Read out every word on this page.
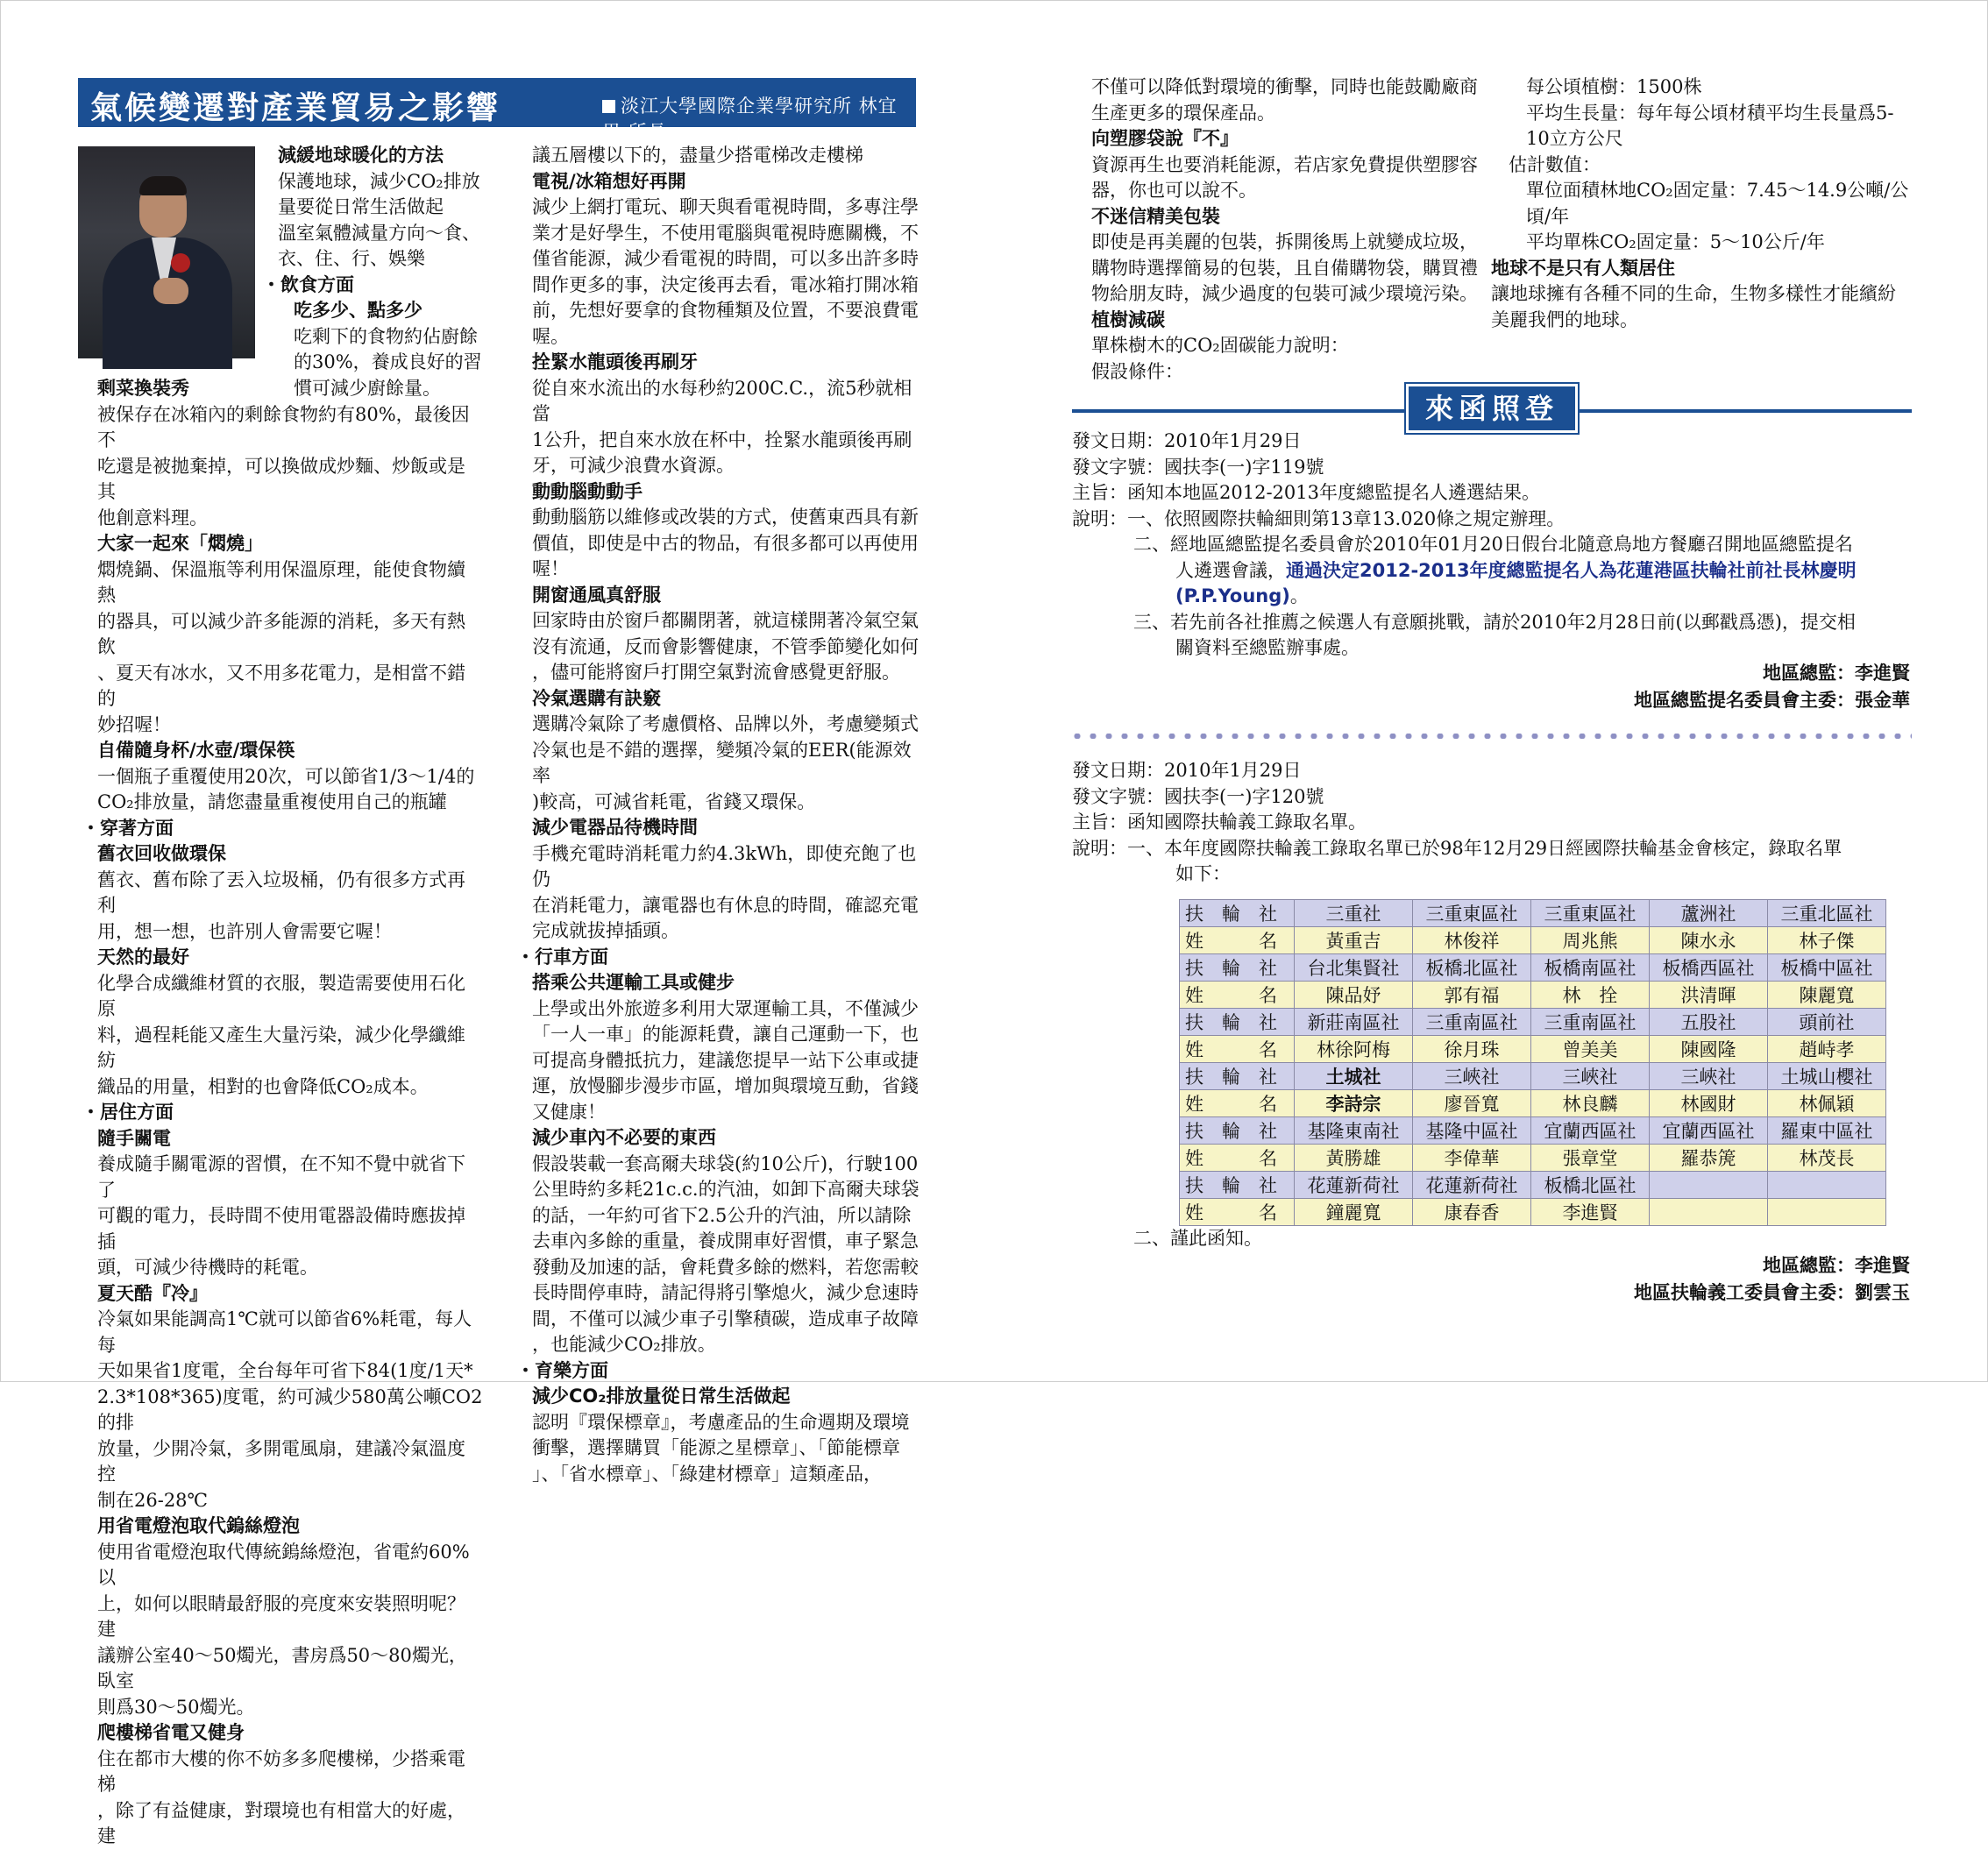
氣候變遷對產業貿易之影響	淡江大學國際企業學研究所 林宜男 所長
減緩地球暖化的方法
保護地球，減少CO₂排放
量要從日常生活做起
溫室氣體減量方向～食、
衣、住、行、娛樂
・飲食方面
吃多少、點多少
吃剩下的食物約佔廚餘
的30%，養成良好的習
慣可減少廚餘量。
剩菜換裝秀
被保存在冰箱內的剩餘食物約有80%，最後因不
吃還是被拋棄掉，可以換做成炒麵、炒飯或是其
他創意料理。
大家一起來「燜燒」
燜燒鍋、保溫瓶等利用保溫原理，能使食物續熱
的器具，可以減少許多能源的消耗，多天有熱飲
、夏天有冰水，又不用多花電力，是相當不錯的
妙招喔！
自備隨身杯/水壺/環保筷
一個瓶子重覆使用20次，可以節省1/3～1/4的
CO₂排放量，請您盡量重複使用自己的瓶罐
・穿著方面
舊衣回收做環保
舊衣、舊布除了丟入垃圾桶，仍有很多方式再利
用，想一想，也許別人會需要它喔！
天然的最好
化學合成纖維材質的衣服，製造需要使用石化原
料，過程耗能又產生大量污染，減少化學纖維紡
織品的用量，相對的也會降低CO₂成本。
・居住方面
隨手關電
養成隨手關電源的習慣，在不知不覺中就省下了
可觀的電力，長時間不使用電器設備時應拔掉插
頭，可減少待機時的耗電。
夏天酷『冷』
冷氣如果能調高1℃就可以節省6%耗電，每人每
天如果省1度電，全台每年可省下84(1度/1天*
2.3*108*365)度電，約可減少580萬公噸CO2的排
放量，少開冷氣，多開電風扇，建議冷氣溫度控
制在26-28℃
用省電燈泡取代鎢絲燈泡
使用省電燈泡取代傳統鎢絲燈泡，省電約60%以
上，如何以眼睛最舒服的亮度來安裝照明呢？建
議辦公室40～50燭光，書房爲50～80燭光，臥室
則爲30～50燭光。
爬樓梯省電又健身
住在都市大樓的你不妨多多爬樓梯，少搭乘電梯
，除了有益健康，對環境也有相當大的好處，建
議五層樓以下的，盡量少搭電梯改走樓梯
電視/冰箱想好再開
減少上網打電玩、聊天與看電視時間，多專注學
業才是好學生，不使用電腦與電視時應關機，不
僅省能源，減少看電視的時間，可以多出許多時
間作更多的事，決定後再去看，電冰箱打開冰箱
前，先想好要拿的食物種類及位置，不要浪費電
喔。
拴緊水龍頭後再刷牙
從自來水流出的水每秒約200C.C.，流5秒就相當
1公升，把自來水放在杯中，拴緊水龍頭後再刷
牙，可減少浪費水資源。
動動腦動動手
動動腦筋以維修或改裝的方式，使舊東西具有新
價值，即使是中古的物品，有很多都可以再使用
喔！
開窗通風真舒服
回家時由於窗戶都關閉著，就這樣開著冷氣空氣
沒有流通，反而會影響健康，不管季節變化如何
，儘可能將窗戶打開空氣對流會感覺更舒服。
冷氣選購有訣竅
選購冷氣除了考慮價格、品牌以外，考慮變頻式
冷氣也是不錯的選擇，變頻冷氣的EER(能源效率
)較高，可減省耗電，省錢又環保。
減少電器品待機時間
手機充電時消耗電力約4.3kWh，即使充飽了也仍
在消耗電力，讓電器也有休息的時間，確認充電
完成就拔掉插頭。
・行車方面
搭乘公共運輸工具或健步
上學或出外旅遊多利用大眾運輸工具，不僅減少
「一人一車」的能源耗費，讓自己運動一下，也
可提高身體抵抗力，建議您提早一站下公車或捷
運，放慢腳步漫步市區，增加與環境互動，省錢
又健康！
減少車內不必要的東西
假設裝載一套高爾夫球袋(約10公斤)，行駛100
公里時約多耗21c.c.的汽油，如卸下高爾夫球袋
的話，一年約可省下2.5公升的汽油，所以請除
去車內多餘的重量，養成開車好習慣，車子緊急
發動及加速的話，會耗費多餘的燃料，若您需較
長時間停車時，請記得將引擎熄火，減少怠速時
間，不僅可以減少車子引擎積碳，造成車子故障
，也能減少CO₂排放。
・育樂方面
減少CO₂排放量從日常生活做起
認明『環保標章』，考慮產品的生命週期及環境
衝擊，選擇購買「能源之星標章」、「節能標章
」、「省水標章」、「綠建材標章」這類產品，
不僅可以降低對環境的衝擊，同時也能鼓勵廠商
生產更多的環保產品。
向塑膠袋說『不』
資源再生也要消耗能源，若店家免費提供塑膠容
器，你也可以說不。
不迷信精美包裝
即使是再美麗的包裝，拆開後馬上就變成垃圾，
購物時選擇簡易的包裝，且自備購物袋，購買禮
物給朋友時，減少過度的包裝可減少環境污染。
植樹減碳
單株樹木的CO₂固碳能力說明：
假設條件：
每公頃植樹：1500株
平均生長量：每年每公頃材積​平均生長量爲5-
10立方公尺
估計數值：
單位面積林地CO₂固定量：7.45～14.9公噸/公
頃/年
平均單株CO₂固定量：5～10公斤/年
地球不是只有人類居住
讓地球擁有各種不同的生命，生物多樣性才能繽紛
美麗我們的地球。
來函照登
發文日期：2010年1月29日
發文字號：國扶李(一)字119號
主旨：函知本地區2012-2013年度總監提名人遴選結果。
說明：一、依照國際扶輪細則第13章13.020條之規定辦理。
二、經地區總監提名委員會於2010年01月20日假台北隨意鳥地方餐廳召開地區總監提名
人遴選會議，通過決定2012-2013年度總監提名人為花蓮港區扶輪社前社長林慶明
(P.P.Young)。
三、若先前各社推薦之候選人有意願挑戰，請於2010年2月28日前(以郵戳爲憑)，提交相
關資料至總監辦事處。
地區總監：李進賢
地區總監提名委員會主委：張金華
發文日期：2010年1月29日
發文字號：國扶李(一)字120號
主旨：函知國際扶輪義工錄取名單。
說明：一、本年度國際扶輪義工錄取名單已於98年12月29日經國際扶輪基金會核定，錄取名單
如下：
扶　輪　社	三重社	三重東區社	三重東區社	蘆洲社	三重北區社
姓　　　名	黃重吉	林俊祥	周兆熊	陳水永	林子傑
扶　輪　社	台北集賢社	板橋北區社	板橋南區社	板橋西區社	板橋中區社
姓　　　名	陳品妤	郭有福	林　拴	洪清暉	陳麗寬
扶　輪　社	新莊南區社	三重南區社	三重南區社	五股社	頭前社
姓　　　名	林徐阿梅	徐月珠	曾美美	陳國隆	趙峙孝
扶　輪　社	土城社	三峽社	三峽社	三峽社	土城山櫻社
姓　　　名	李詩宗	廖晉寬	林良麟	林國財	林佩穎
扶　輪　社	基隆東南社	基隆中區社	宜蘭西區社	宜蘭西區社	羅東中區社
姓　　　名	黃勝雄	李偉華	張章堂	羅恭箎	林茂長
扶　輪　社	花蓮新荷社	花蓮新荷社	板橋北區社		
姓　　　名	鐘麗寬	康春香	李進賢		
二、謹此函知。
地區總監：李進賢
地區扶輪義工委員會主委：劉雲玉
